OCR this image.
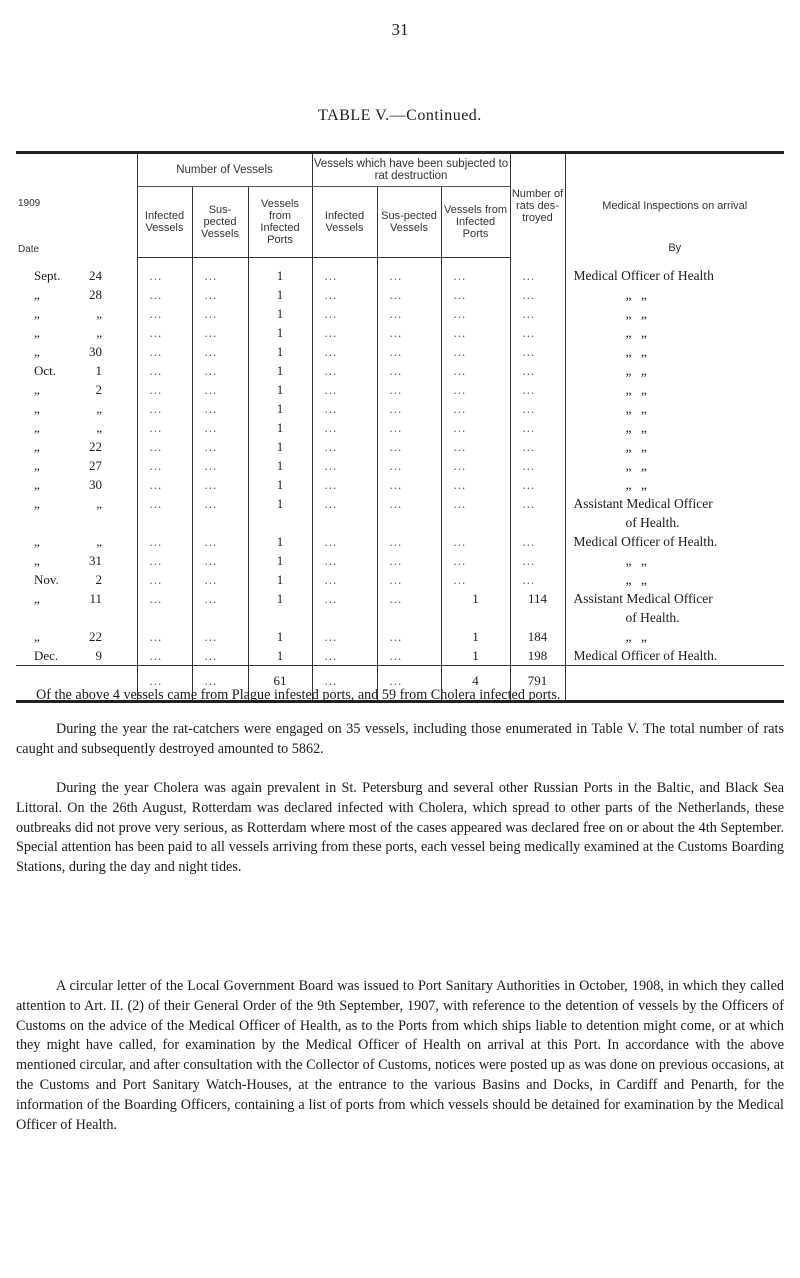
31
TABLE V.—Continued.
1909
Date	Number of Vessels			Vessels which have been subjected to rat destruction			Number of rats des-troyed	Medical Inspections on arrival
By

	Infected Vessels	Sus-pected Vessels	Vessels from Infected Ports	Infected Vessels	Sus-pected Vessels	Vessels from Infected Ports		

Sept. 24	...	...	1	...	...	...	...	Medical Officer of Health

„ 28	...	...	1	...	...	...	...	„ „

„ „	...	...	1	...	...	...	...	„ „

„ „	...	...	1	...	...	...	...	„ „

„ 30	...	...	1	...	...	...	...	„ „

Oct. 1	...	...	1	...	...	...	...	„ „

„ 2	...	...	1	...	...	...	...	„ „

„ „	...	...	1	...	...	...	...	„ „

„ „	...	...	1	...	...	...	...	„ „

„ 22	...	...	1	...	...	...	...	„ „

„ 27	...	...	1	...	...	...	...	„ „

„ 30	...	...	1	...	...	...	...	„ „

„ „	...	...	1	...	...	...	...	Assistant Medical Officer
								of Health.

„ „	...	...	1	...	...	...	...	Medical Officer of Health.

„ 31	...	...	1	...	...	...	...	„ „

Nov. 2	...	...	1	...	...	...	...	„ „

„ 11	...	...	1	...	...	1	114	Assistant Medical Officer
								of Health.

„ 22	...	...	1	...	...	1	184	„ „

Dec. 9	...	...	1	...	...	1	198	Medical Officer of Health.
	...	...	61	...	...	4	791	

Of the above 4 vessels came from Plague infested ports, and 59 from Cholera infected ports.

During the year the rat-catchers were engaged on 35 vessels, including those enumerated in Table V. The total number of rats caught and subsequently destroyed amounted to 5862.

During the year Cholera was again prevalent in St. Petersburg and several other Russian Ports in the Baltic, and Black Sea Littoral. On the 26th August, Rotterdam was declared infected with Cholera, which spread to other parts of the Netherlands, these outbreaks did not prove very serious, as Rotterdam where most of the cases appeared was declared free on or about the 4th September. Special attention has been paid to all vessels arriving from these ports, each vessel being medically examined at the Customs Boarding Stations, during the day and night tides.

A circular letter of the Local Government Board was issued to Port Sanitary Authorities in October, 1908, in which they called attention to Art. II. (2) of their General Order of the 9th September, 1907, with reference to the detention of vessels by the Officers of Customs on the advice of the Medical Officer of Health, as to the Ports from which ships liable to detention might come, or at which they might have called, for examination by the Medical Officer of Health on arrival at this Port. In accordance with the above mentioned circular, and after consultation with the Collector of Customs, notices were posted up as was done on previous occasions, at the Customs and Port Sanitary Watch-Houses, at the entrance to the various Basins and Docks, in Cardiff and Penarth, for the information of the Boarding Officers, containing a list of ports from which vessels should be detained for examination by the Medical Officer of Health.
